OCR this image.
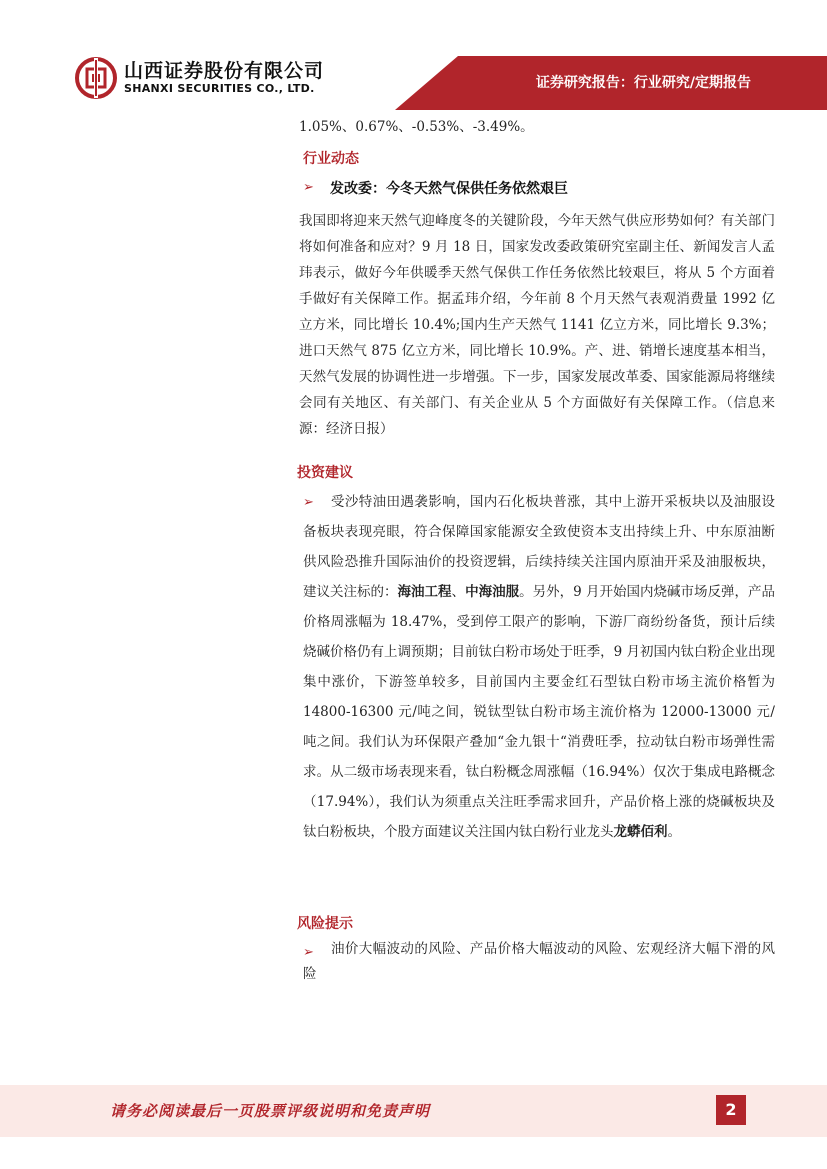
山西证券股份有限公司
SHANXI SECURITIES CO., LTD.	证券研究报告：行业研究/定期报告
1.05%、0.67%、-0.53%、-3.49%。
行业动态
➢ 发改委：今冬天然气保供任务依然艰巨
我国即将迎来天然气迎峰度冬的关键阶段，今年天然气供应形势如何？有关部门将如何准备和应对？9 月 18 日，国家发改委政策研究室副主任、新闻发言人孟玮表示，做好今年供暖季天然气保供工作任务依然比较艰巨，将从 5 个方面着手做好有关保障工作。据孟玮介绍，今年前 8 个月天然气表观消费量 1992 亿立方米，同比增长 10.4%;国内生产天然气 1141 亿立方米，同比增长 9.3%；进口天然气 875 亿立方米，同比增长 10.9%。产、进、销增长速度基本相当，天然气发展的协调性进一步增强。下一步，国家发展改革委、国家能源局将继续会同有关地区、有关部门、有关企业从 5 个方面做好有关保障工作。（信息来源：经济日报）
投资建议
➢	受沙特油田遇袭影响，国内石化板块普涨，其中上游开采板块以及油服设备板块表现亮眼，符合保障国家能源安全致使资本支出持续上升、中东原油断供风险恐推升国际油价的投资逻辑，后续持续关注国内原油开采及油服板块，建议关注标的：海油工程、中海油服。另外，9 月开始国内烧碱市场反弹，产品价格周涨幅为 18.47%，受到停工限产的影响，下游厂商纷纷备货，预计后续烧碱价格仍有上调预期；目前钛白粉市场处于旺季，9 月初国内钛白粉企业出现集中涨价，下游签单较多，目前国内主要金红石型钛白粉市场主流价格暂为 14800-16300 元/吨之间，锐钛型钛白粉市场主流价格为 12000-13000 元/吨之间。我们认为环保限产叠加“金九银十“消费旺季，拉动钛白粉市场弹性需求。从二级市场表现来看，钛白粉概念周涨幅（16.94%）仅次于集成电路概念（17.94%），我们认为须重点关注旺季需求回升，产品价格上涨的烧碱板块及钛白粉板块，个股方面建议关注国内钛白粉行业龙头龙蟒佰利。
风险提示
➢	油价大幅波动的风险、产品价格大幅波动的风险、宏观经济大幅下滑的风险
请务必阅读最后一页股票评级说明和免责声明	2
